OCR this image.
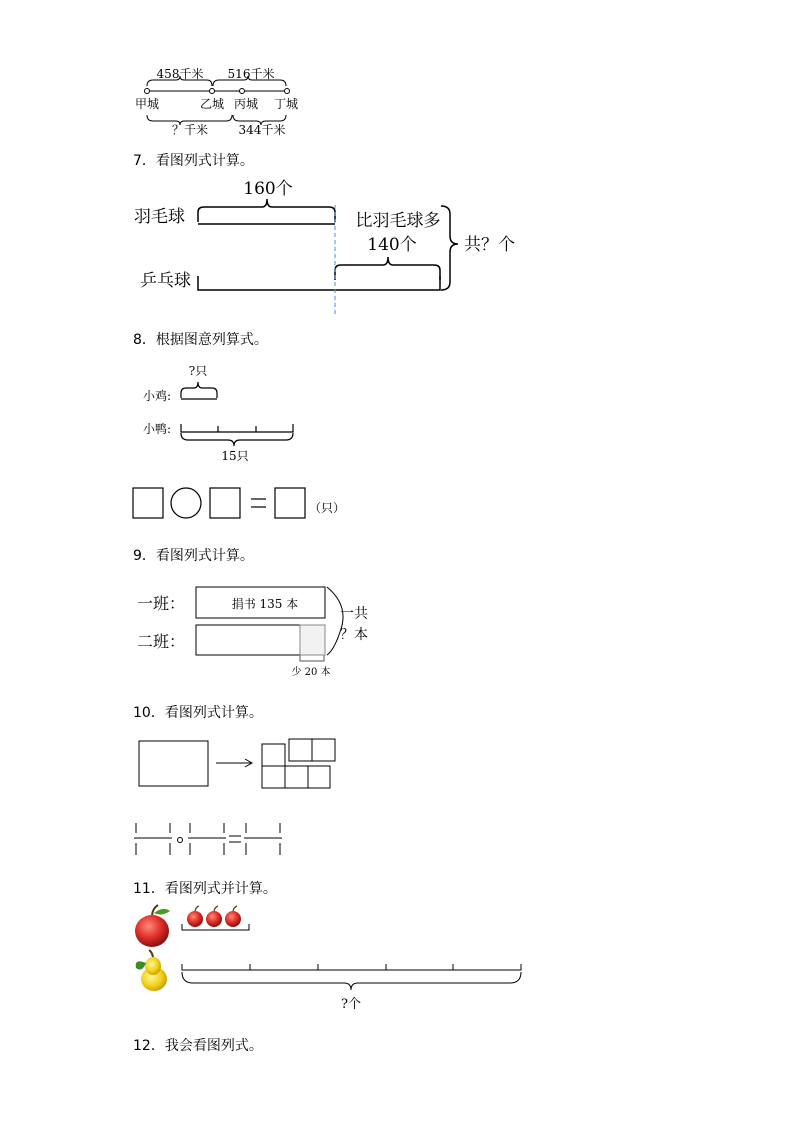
458千米 516千米
甲城	乙城 丙城 丁城
？千米	344千米
7．看图列式计算。
160个
羽毛球	比羽毛球多
140个	共？个
乒乓球
8．根据图意列算式。
?只
小鸡:
小鸭:
15只
（只）
9．看图列式计算。
一班：
二班：
捐书 135 本
一共
？本
少 20 本
10．看图列式计算。
11．看图列式并计算。
?个
12．我会看图列式。
